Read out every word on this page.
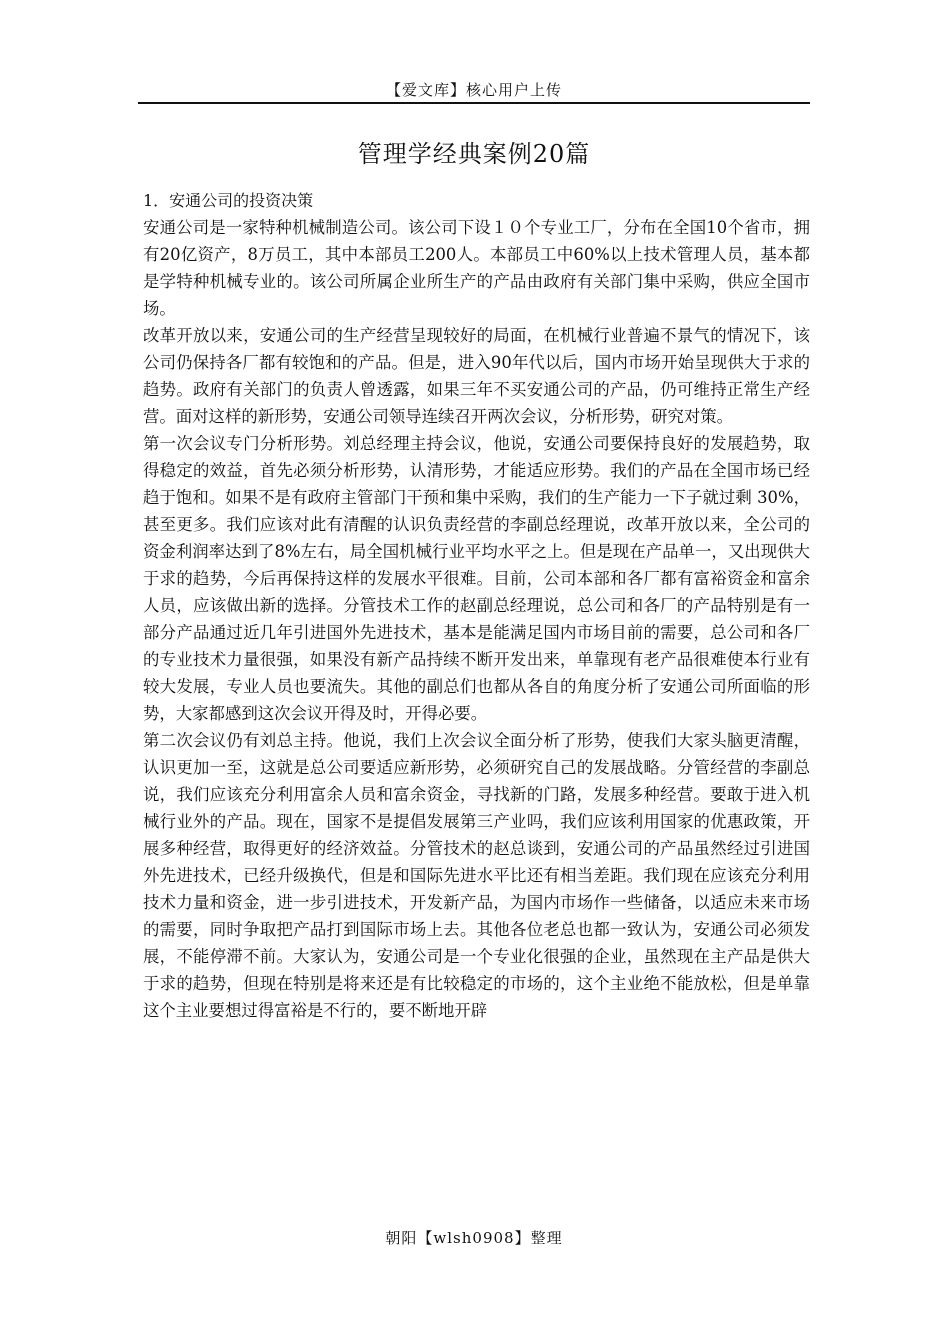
【爱文库】核心用户上传
管理学经典案例20篇
1．安通公司的投资决策

安通公司是一家特种机械制造公司。该公司下设１０个专业工厂，分布在全国10个省市，拥有20亿资产，8万员工，其中本部员工200人。本部员工中60%以上技术管理人员，基本都是学特种机械专业的。该公司所属企业所生产的产品由政府有关部门集中采购，供应全国市场。

改革开放以来，安通公司的生产经营呈现较好的局面，在机械行业普遍不景气的情况下，该公司仍保持各厂都有较饱和的产品。但是，进入90年代以后，国内市场开始呈现供大于求的趋势。政府有关部门的负责人曾透露，如果三年不买安通公司的产品，仍可维持正常生产经营。面对这样的新形势，安通公司领导连续召开两次会议，分析形势，研究对策。

第一次会议专门分析形势。刘总经理主持会议，他说，安通公司要保持良好的发展趋势，取得稳定的效益，首先必须分析形势，认清形势，才能适应形势。我们的产品在全国市场已经趋于饱和。如果不是有政府主管部门干预和集中采购，我们的生产能力一下子就过剩 30%，甚至更多。我们应该对此有清醒的认识负责经营的李副总经理说，改革开放以来，全公司的资金利润率达到了8%左右，局全国机械行业平均水平之上。但是现在产品单一，又出现供大于求的趋势，今后再保持这样的发展水平很难。目前，公司本部和各厂都有富裕资金和富余人员，应该做出新的选择。分管技术工作的赵副总经理说，总公司和各厂的产品特别是有一部分产品通过近几年引进国外先进技术，基本是能满足国内市场目前的需要，总公司和各厂的专业技术力量很强，如果没有新产品持续不断开发出来，单靠现有老产品很难使本行业有较大发展，专业人员也要流失。其他的副总们也都从各自的角度分析了安通公司所面临的形势，大家都感到这次会议开得及时，开得必要。

第二次会议仍有刘总主持。他说，我们上次会议全面分析了形势，使我们大家头脑更清醒，认识更加一至，这就是总公司要适应新形势，必须研究自己的发展战略。分管经营的李副总说，我们应该充分利用富余人员和富余资金，寻找新的门路，发展多种经营。要敢于进入机械行业外的产品。现在，国家不是提倡发展第三产业吗，我们应该利用国家的优惠政策，开展多种经营，取得更好的经济效益。分管技术的赵总谈到，安通公司的产品虽然经过引进国外先进技术，已经升级换代，但是和国际先进水平比还有相当差距。我们现在应该充分利用技术力量和资金，进一步引进技术，开发新产品，为国内市场作一些储备，以适应未来市场的需要，同时争取把产品打到国际市场上去。其他各位老总也都一致认为，安通公司必须发展，不能停滞不前。大家认为，安通公司是一个专业化很强的企业，虽然现在主产品是供大于求的趋势，但现在特别是将来还是有比较稳定的市场的，这个主业绝不能放松，但是单靠这个主业要想过得富裕是不行的，要不断地开辟

朝阳【wlsh0908】整理
